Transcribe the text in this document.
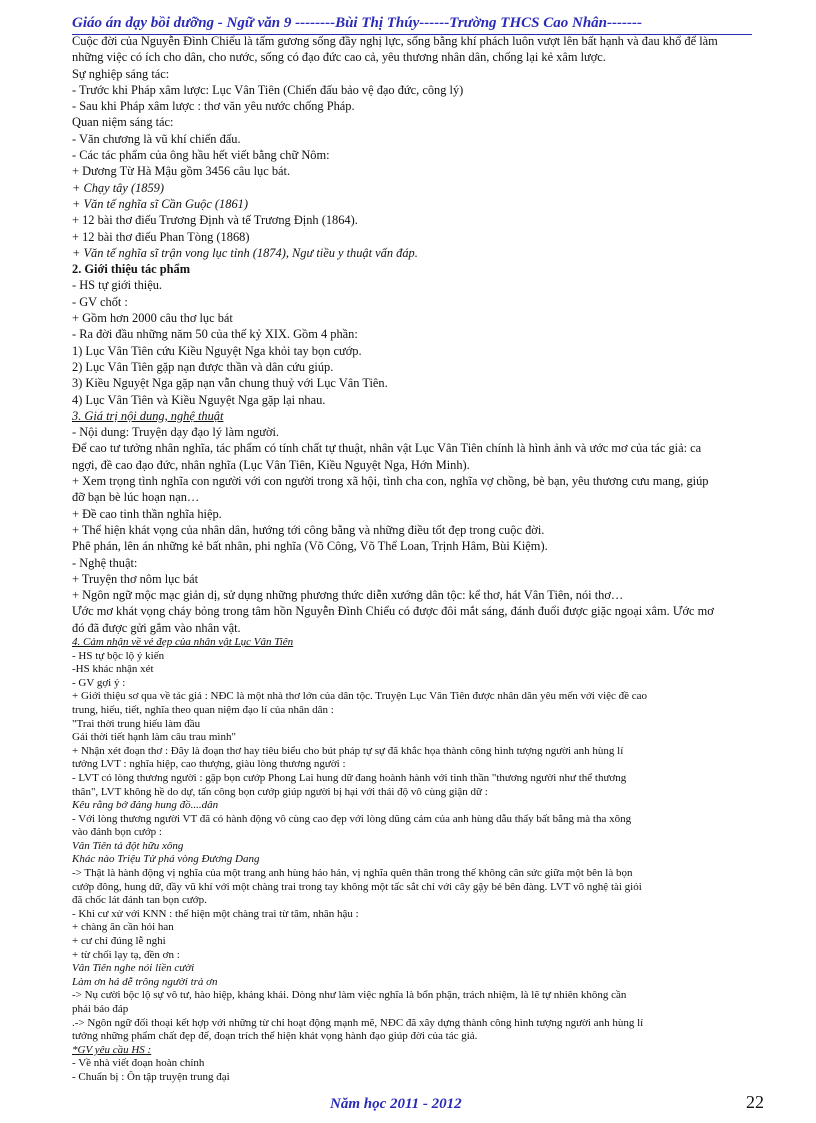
Giáo án dạy bồi dưỡng - Ngữ văn 9 --------Bùi Thị Thúy------Trường THCS Cao Nhân-------
Cuộc đời của Nguyễn Đình Chiểu là tấm gương sống đầy nghị lực, sống bằng khí phách luôn vượt lên bất hạnh và đau khổ để làm
những việc có ích cho dân, cho nước, sống có đạo đức cao cả, yêu thương nhân dân, chống lại kẻ xâm lược.
Sự nghiệp sáng tác:
- Trước khi Pháp xâm lược: Lục Vân Tiên (Chiến đấu bảo vệ đạo đức, công lý)
- Sau khi Pháp xâm lược : thơ văn yêu nước chống Pháp.
Quan niệm sáng tác:
- Văn chương là vũ khí chiến đấu.
- Các tác phẩm của ông hầu hết viết bằng chữ Nôm:
+ Dương Từ Hà Mậu gồm 3456 câu lục bát.
+ Chạy tây (1859)
+ Văn tế nghĩa sĩ Cần Guộc (1861)
+ 12 bài thơ điếu Trương Định và tế Trương Định (1864).
+ 12 bài thơ điếu Phan Tòng (1868)
+ Văn tế nghĩa sĩ trận vong lục tỉnh (1874), Ngư tiều y thuật vấn đáp.
2. Giới thiệu tác phẩm
- HS tự giới thiệu.
- GV chốt :
+ Gồm hơn 2000 câu thơ lục bát
- Ra đời đầu những năm 50 của thế kỷ XIX. Gồm 4 phần:
1) Lục Vân Tiên cứu Kiều Nguyệt Nga khỏi tay bọn cướp.
2) Lục Vân Tiên gặp nạn được thần và dân cứu giúp.
3) Kiều Nguyệt Nga gặp nạn vẫn chung thuỷ với Lục Vân Tiên.
4) Lục Vân Tiên và Kiều Nguyệt Nga gặp lại nhau.
3. Giá trị nội dung, nghệ thuật
- Nội dung: Truyện dạy đạo lý làm người.
Để cao tư tưởng nhân nghĩa, tác phẩm có tính chất tự thuật, nhân vật Lục Vân Tiên chính là hình ảnh và ước mơ của tác giả: ca
ngợi, đề cao đạo đức, nhân nghĩa (Lục Vân Tiên, Kiều Nguyệt Nga, Hớn Minh).
+ Xem trọng tình nghĩa con người với con người trong xã hội, tình cha con, nghĩa vợ chồng, bè bạn, yêu thương cưu mang, giúp
đỡ bạn bè lúc hoạn nạn…
+ Đề cao tinh thần nghĩa hiệp.
+ Thể hiện khát vọng của nhân dân, hướng tới công bằng và những điều tốt đẹp trong cuộc đời.
Phê phán, lên án những kẻ bất nhân, phi nghĩa (Võ Công, Võ Thể Loan, Trịnh Hâm, Bùi Kiệm).
- Nghệ thuật:
+ Truyện thơ nôm lục bát
+ Ngôn ngữ mộc mạc giản dị, sử dụng những phương thức diễn xướng dân tộc: kể thơ, hát Vân Tiên, nói thơ…
Ước mơ khát vọng cháy bỏng trong tâm hồn Nguyễn Đình Chiểu có được đôi mắt sáng, đánh đuổi được giặc ngoại xâm. Ước mơ
đó đã được gửi gắm vào nhân vật.
4. Cảm nhận về vẻ đẹp của nhân vật Lục Vân Tiên
- HS tự bộc lộ ý kiến
-HS khác nhận xét
- GV gợi ý :
+ Giới thiệu sơ qua về tác giả : NĐC là một nhà thơ lớn của dân tộc. Truyện Lục Vân Tiên được nhân dân yêu mến với việc đề cao
trung, hiếu, tiết, nghĩa theo quan niệm đạo lí của nhân dân :
"Trai thời trung hiếu làm đầu
Gái thời tiết hạnh làm câu trau mình"
+ Nhận xét đoạn thơ : Đây là đoạn thơ hay tiêu biểu cho bút pháp tự sự đã khắc họa thành công hình tượng người anh hùng lí
tưởng LVT : nghĩa hiệp, cao thượng, giàu lòng thương người :
- LVT có lòng thương người : gặp bọn cướp Phong Lai hung dữ đang hoành hành với tinh thần "thương người như thể thương
thân", LVT không hề do dự, tấn công bọn cướp giúp người bị hại với thái độ vô cùng giận dữ :
Kêu rằng bớ đảng hung đồ....dân
- Với lòng thương người VT đã có hành động vô cùng cao đẹp với lòng dũng cảm của anh hùng dẫu thấy bất bằng mà tha xông
vào đánh bọn cướp :
Vân Tiên tả đột hữu xông
Khác nào Triệu Tử phá vòng Đương Dang
-> Thật là hành động vị nghĩa của một trang anh hùng hảo hán, vị nghĩa quên thân trong thế không cân sức giữa một bên là bọn
cướp đông, hung dữ, đầy vũ khí với một chàng trai trong tay không một tấc sắt chỉ với cây gậy bẻ bên đàng. LVT võ nghệ tài giỏi
đã chốc lát đánh tan bọn cướp.
- Khi cư xử với KNN : thể hiện một chàng trai từ tâm, nhân hậu :
+ chàng ân cần hỏi han
+ cư chỉ đúng lễ nghi
+ từ chối lạy tạ, đền ơn :
Vân Tiên nghe nói liền cười
Làm ơn há dễ trông người trả ơn
-> Nụ cười bộc lộ sự vô tư, hào hiệp, khảng khái. Dòng như làm việc nghĩa là bổn phận, trách nhiệm, là lẽ tự nhiên không cần
phải báo đáp
.-> Ngôn ngữ đối thoại kết hợp với những từ chỉ hoạt động mạnh mẽ, NĐC đã xây dựng thành công hình tượng người anh hùng lí
tưởng những phẩm chất đẹp để, đoạn trích thể hiện khát vọng hành đạo giúp đời của tác giả.
*GV yêu cầu HS :
- Về nhà viết đoạn hoàn chỉnh
- Chuẩn bị : Ôn tập truyện trung đại
Năm học 2011 - 2012	22
